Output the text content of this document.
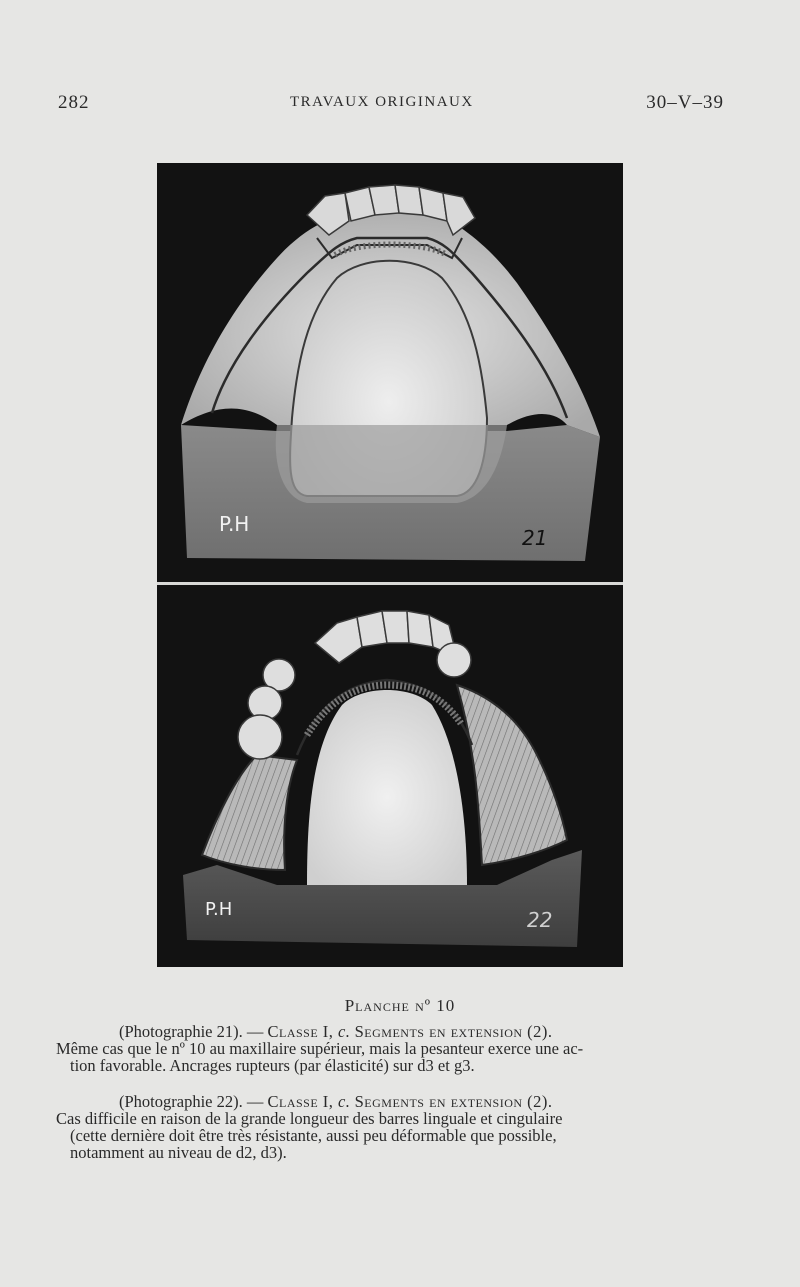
282	TRAVAUX ORIGINAUX	30–V–39
P.H
21
P.H	22
Planche nº 10
(Photographie 21). — Classe I, c. Segments en extension (2).
Même cas que le nº 10 au maxillaire supérieur, mais la pesanteur exerce une ac-
tion favorable. Ancrages rupteurs (par élasticité) sur d3 et g3.
(Photographie 22). — Classe I, c. Segments en extension (2).
Cas difficile en raison de la grande longueur des barres linguale et cingulaire
(cette dernière doit être très résistante, aussi peu déformable que possible,
notamment au niveau de d2, d3).
